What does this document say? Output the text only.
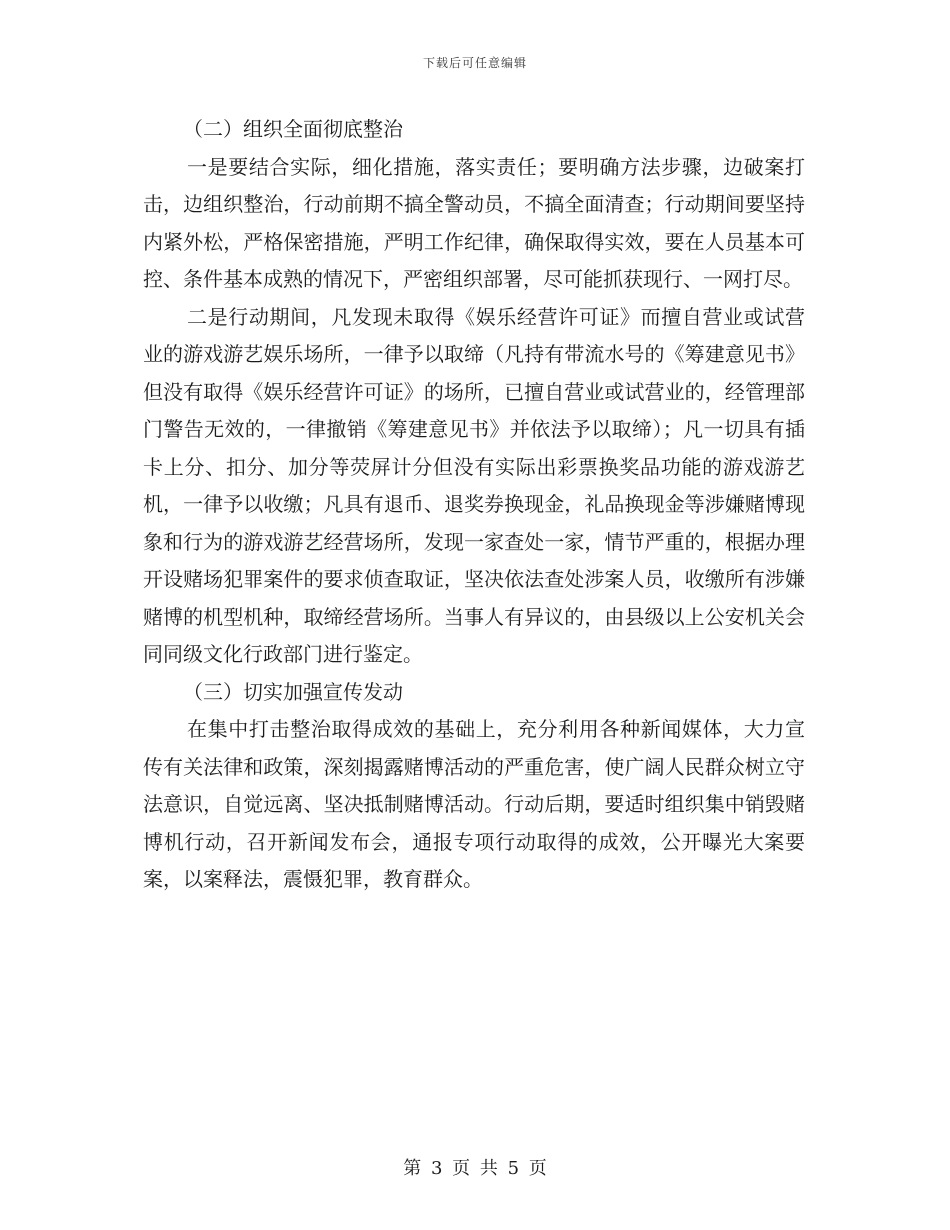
下载后可任意编辑

（二）组织全面彻底整治

一是要结合实际，细化措施，落实责任；要明确方法步骤，边破案打击，边组织整治，行动前期不搞全警动员，不搞全面清查；行动期间要坚持内紧外松，严格保密措施，严明工作纪律，确保取得实效，要在人员基本可控、条件基本成熟的情况下，严密组织部署，尽可能抓获现行、一网打尽。

二是行动期间，凡发现未取得《娱乐经营许可证》而擅自营业或试营业的游戏游艺娱乐场所，一律予以取缔（凡持有带流水号的《筹建意见书》但没有取得《娱乐经营许可证》的场所，已擅自营业或试营业的，经管理部门警告无效的，一律撤销《筹建意见书》并依法予以取缔）；凡一切具有插卡上分、扣分、加分等荧屏计分但没有实际出彩票换奖品功能的游戏游艺机，一律予以收缴；凡具有退币、退奖券换现金，礼品换现金等涉嫌赌博现象和行为的游戏游艺经营场所，发现一家查处一家，情节严重的，根据办理开设赌场犯罪案件的要求侦查取证，坚决依法查处涉案人员，收缴所有涉嫌赌博的机型机种，取缔经营场所。当事人有异议的，由县级以上公安机关会同同级文化行政部门进行鉴定。

（三）切实加强宣传发动

在集中打击整治取得成效的基础上，充分利用各种新闻媒体，大力宣传有关法律和政策，深刻揭露赌博活动的严重危害，使广阔人民群众树立守法意识，自觉远离、坚决抵制赌博活动。行动后期，要适时组织集中销毁赌博机行动，召开新闻发布会，通报专项行动取得的成效，公开曝光大案要案，以案释法，震慑犯罪，教育群众。

第 3 页 共 5 页
